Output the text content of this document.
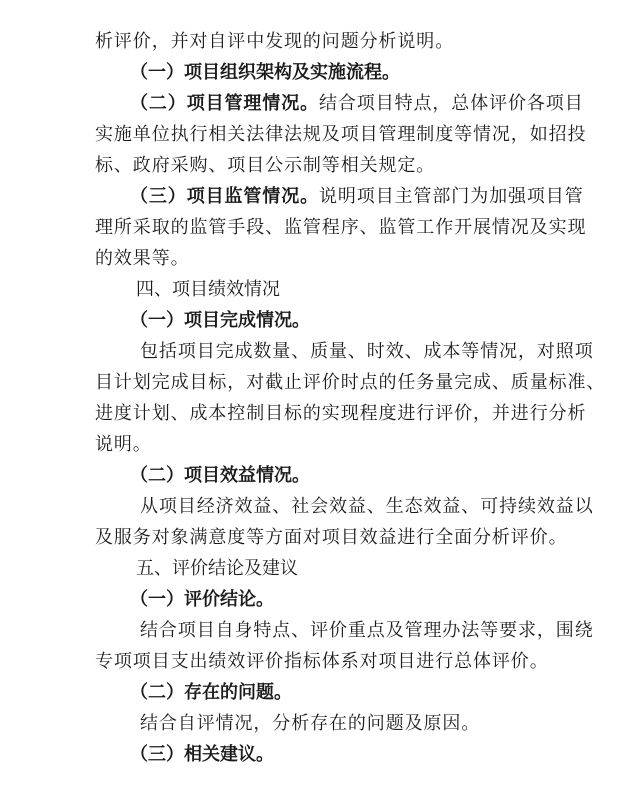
析评价，并对自评中发现的问题分析说明。
（一）项目组织架构及实施流程。
（二）项目管理情况。结合项目特点，总体评价各项目
实施单位执行相关法律法规及项目管理制度等情况，如招投
标、政府采购、项目公示制等相关规定。
（三）项目监管情况。说明项目主管部门为加强项目管
理所采取的监管手段、监管程序、监管工作开展情况及实现
的效果等。
四、项目绩效情况
（一）项目完成情况。
包括项目完成数量、质量、时效、成本等情况，对照项
目计划完成目标，对截止评价时点的任务量完成、质量标准、
进度计划、成本控制目标的实现程度进行评价，并进行分析
说明。
（二）项目效益情况。
从项目经济效益、社会效益、生态效益、可持续效益以
及服务对象满意度等方面对项目效益进行全面分析评价。
五、评价结论及建议
（一）评价结论。
结合项目自身特点、评价重点及管理办法等要求，围绕
专项项目支出绩效评价指标体系对项目进行总体评价。
（二）存在的问题。
结合自评情况，分析存在的问题及原因。
（三）相关建议。
